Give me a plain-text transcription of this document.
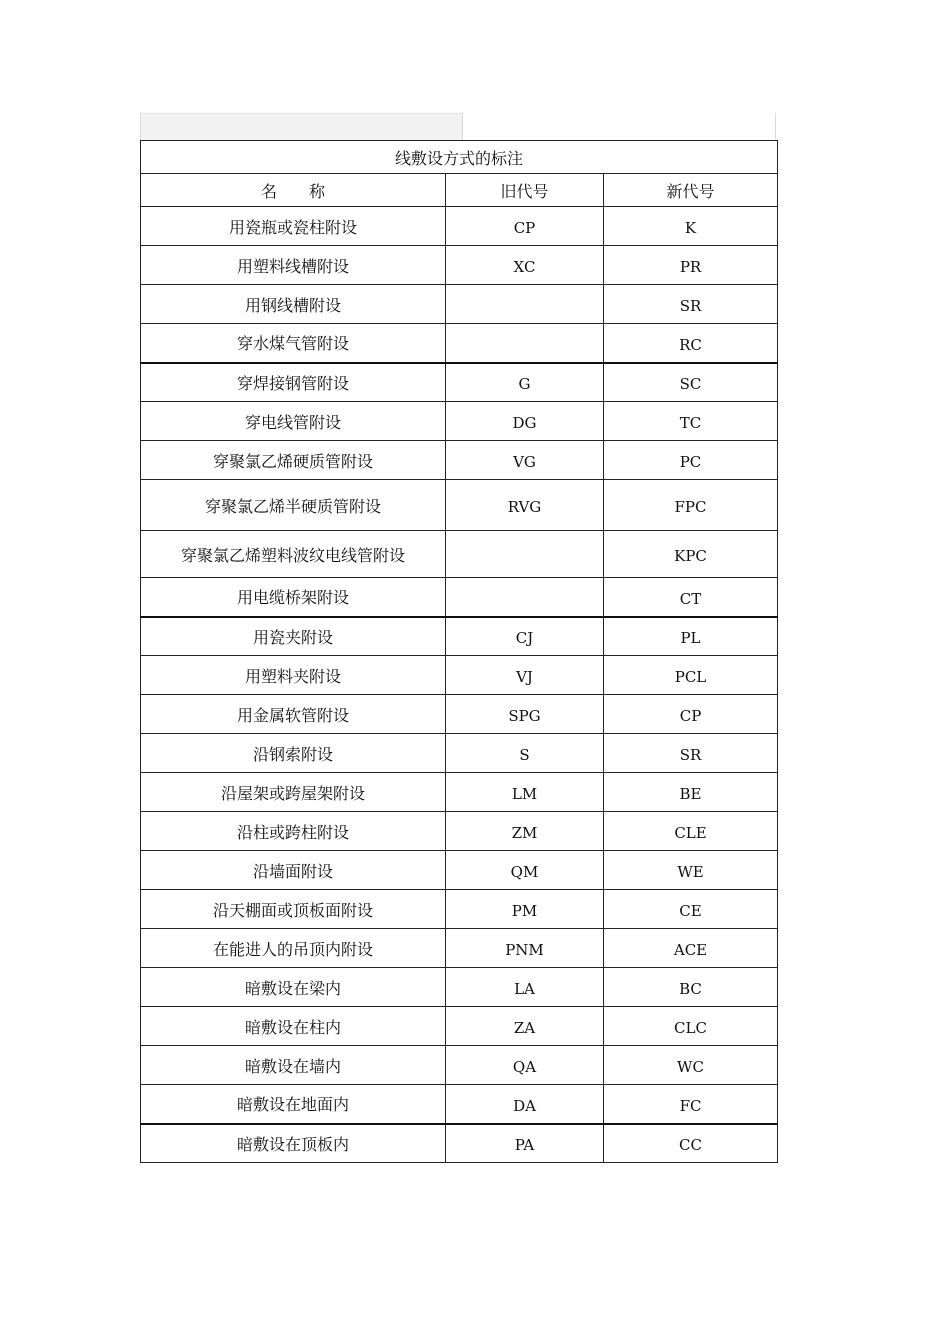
线敷设方式的标注		
名　　称	旧代号	新代号
用瓷瓶或瓷柱附设	CP	K
用塑料线槽附设	XC	PR
用钢线槽附设		SR
穿水煤气管附设		RC
穿焊接钢管附设	G	SC
穿电线管附设	DG	TC
穿聚氯乙烯硬质管附设	VG	PC
穿聚氯乙烯半硬质管附设	RVG	FPC
穿聚氯乙烯塑料波纹电线管附设		KPC
用电缆桥架附设		CT
用瓷夹附设	CJ	PL
用塑料夹附设	VJ	PCL
用金属软管附设	SPG	CP
沿钢索附设	S	SR
沿屋架或跨屋架附设	LM	BE
沿柱或跨柱附设	ZM	CLE
沿墙面附设	QM	WE
沿天棚面或顶板面附设	PM	CE
在能进人的吊顶内附设	PNM	ACE
暗敷设在梁内	LA	BC
暗敷设在柱内	ZA	CLC
暗敷设在墙内	QA	WC
暗敷设在地面内	DA	FC
暗敷设在顶板内	PA	CC
